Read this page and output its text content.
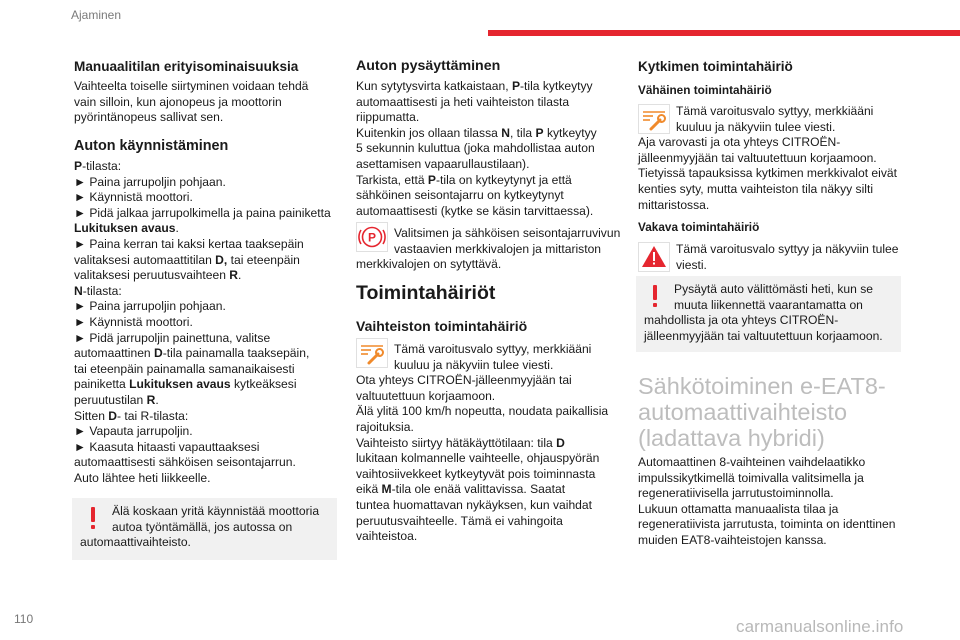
Ajaminen
Manuaalitilan erityisominaisuuksia
Vaihteelta toiselle siirtyminen voidaan tehdä
vain silloin, kun ajonopeus ja moottorin
pyörintänopeus sallivat sen.
Auton käynnistäminen
P-tilasta:
► Paina jarrupoljin pohjaan.
► Käynnistä moottori.
► Pidä jalkaa jarrupolkimella ja paina painiketta
Lukituksen avaus.
► Paina kerran tai kaksi kertaa taaksepäin
valitaksesi automaattitilan D, tai eteenpäin
valitaksesi peruutusvaihteen R.
N-tilasta:
► Paina jarrupoljin pohjaan.
► Käynnistä moottori.
► Pidä jarrupoljin painettuna, valitse
automaattinen D-tila painamalla taaksepäin,
tai eteenpäin painamalla samanaikaisesti
painiketta Lukituksen avaus kytkeäksesi
peruutustilan R.
Sitten D- tai R-tilasta:
► Vapauta jarrupoljin.
► Kaasuta hitaasti vapauttaaksesi
automaattisesti sähköisen seisontajarrun.
Auto lähtee heti liikkeelle.
Älä koskaan yritä käynnistää moottoria
autoa työntämällä, jos autossa on
automaattivaihteisto.
Auton pysäyttäminen
Kun sytytysvirta katkaistaan, P-tila kytkeytyy
automaattisesti ja heti vaihteiston tilasta
riippumatta.
Kuitenkin jos ollaan tilassa N, tila P kytkeytyy
5 sekunnin kuluttua (joka mahdollistaa auton
asettamisen vapaarullaustilaan).
Tarkista, että P-tila on kytkeytynyt ja että
sähköinen seisontajarru on kytkeytynyt
automaattisesti (kytke se käsin tarvittaessa).
P	Valitsimen ja sähköisen seisontajarruvivun
vastaavien merkkivalojen ja mittariston
merkkivalojen on sytyttävä.
Toimintahäiriöt
Vaihteiston toimintahäiriö
Tämä varoitusvalo syttyy, merkkiääni
kuuluu ja näkyviin tulee viesti.
Ota yhteys CITROËN-jälleenmyyjään tai
valtuutettuun korjaamoon.
Älä ylitä 100 km/h nopeutta, noudata paikallisia
rajoituksia.
Vaihteisto siirtyy hätäkäyttötilaan: tila D
lukitaan kolmannelle vaihteelle, ohjauspyörän
vaihtosiivekkeet kytkeytyvät pois toiminnasta
eikä M-tila ole enää valittavissa. Saatat
tuntea huomattavan nykäyksen, kun vaihdat
peruutusvaihteelle. Tämä ei vahingoita
vaihteistoa.
Kytkimen toimintahäiriö
Vähäinen toimintahäiriö
Tämä varoitusvalo syttyy, merkkiääni
kuuluu ja näkyviin tulee viesti.
Aja varovasti ja ota yhteys CITROËN-
jälleenmyyjään tai valtuutettuun korjaamoon.
Tietyissä tapauksissa kytkimen merkkivalot eivät
kenties syty, mutta vaihteiston tila näkyy silti
mittaristossa.
Vakava toimintahäiriö
Tämä varoitusvalo syttyy ja näkyviin tulee
viesti.
Pysäytä auto välittömästi heti, kun se
muuta liikennettä vaarantamatta on
mahdollista ja ota yhteys CITROËN-
jälleenmyyjään tai valtuutettuun korjaamoon.
Sähkötoiminen e-EAT8-
automaattivaihteisto
(ladattava hybridi)
Automaattinen 8-vaihteinen vaihdelaatikko
impulssikytkimellä toimivalla valitsimella ja
regeneratiivisella jarrutustoiminnolla.
Lukuun ottamatta manuaalista tilaa ja
regeneratiivista jarrutusta, toiminta on identtinen
muiden EAT8-vaihteistojen kanssa.
110	carmanualsonline.info
